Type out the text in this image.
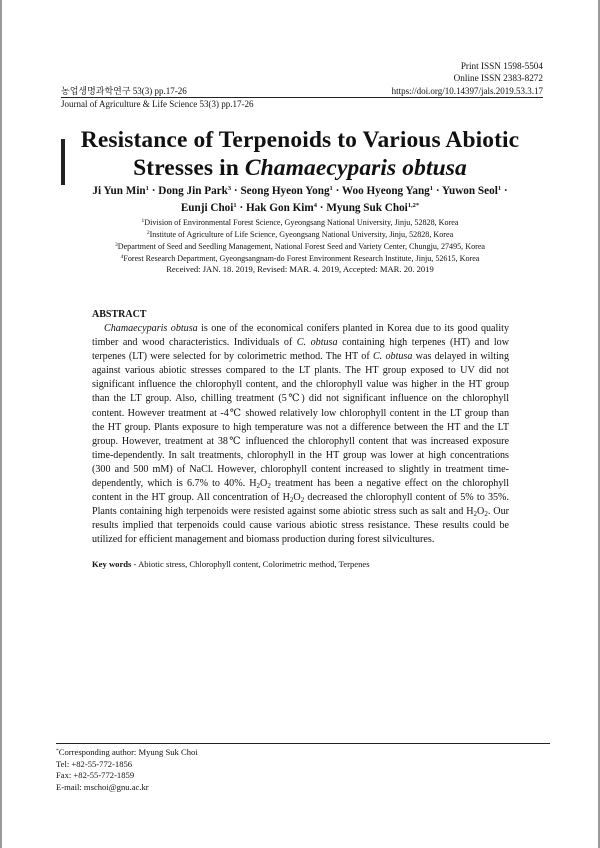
Print ISSN 1598-5504
Online ISSN 2383-8272
농업생명과학연구 53(3) pp.17-26	https://doi.org/10.14397/jals.2019.53.3.17
Journal of Agriculture & Life Science 53(3) pp.17-26
Resistance of Terpenoids to Various Abiotic
Stresses in Chamaecyparis obtusa
Ji Yun Min$^1$ · Dong Jin Park$^3$ · Seong Hyeon Yong$^1$ · Woo Hyeong Yang$^1$ · Yuwon Seol$^1$ ·
Eunji Choi$^1$ · Hak Gon Kim$^4$ · Myung Suk Choi$^{1,2*}$
$^1$Division of Environmental Forest Science, Gyeongsang National University, Jinju, 52828, Korea
$^2$Institute of Agriculture of Life Science, Gyeongsang National University, Jinju, 52828, Korea
$^3$Department of Seed and Seedling Management, National Forest Seed and Variety Center, Chungju, 27495, Korea
$^4$Forest Research Department, Gyeongsangnam-do Forest Environment Research Institute, Jinju, 52615, Korea
Received: JAN. 18. 2019, Revised: MAR. 4. 2019, Accepted: MAR. 20. 2019
ABSTRACT
Chamaecyparis obtusa is one of the economical conifers planted in Korea due to its good quality timber and wood characteristics. Individuals of C. obtusa containing high terpenes (HT) and low terpenes (LT) were selected for by colorimetric method. The HT of C. obtusa was delayed in wilting against various abiotic stresses compared to the LT plants. The HT group exposed to UV did not significant influence the chlorophyll content, and the chlorophyll value was higher in the HT group than the LT group. Also, chilling treatment (5℃) did not significant influence on the chlorophyll content. However treatment at -4℃ showed relatively low chlorophyll content in the LT group than the HT group. Plants exposure to high temperature was not a difference between the HT and the LT group. However, treatment at 38℃ influenced the chlorophyll content that was increased exposure time-dependently. In salt treatments, chlorophyll in the HT group was lower at high concentrations (300 and 500 mM) of NaCl. However, chlorophyll content increased to slightly in treatment time-dependently, which is 6.7% to 40%. $H_2O_2$ treatment has been a negative effect on the chlorophyll content in the HT group. All concentration of $H_2O_2$ decreased the chlorophyll content of 5% to 35%. Plants containing high terpenoids were resisted against some abiotic stress such as salt and $H_2O_2$. Our results implied that terpenoids could cause various abiotic stress resistance. These results could be utilized for efficient management and biomass production during forest silvicultures.
Key words - Abiotic stress, Chlorophyll content, Colorimetric method, Terpenes
*Corresponding author: Myung Suk Choi
Tel: +82-55-772-1856
Fax: +82-55-772-1859
E-mail: mschoi@gnu.ac.kr
